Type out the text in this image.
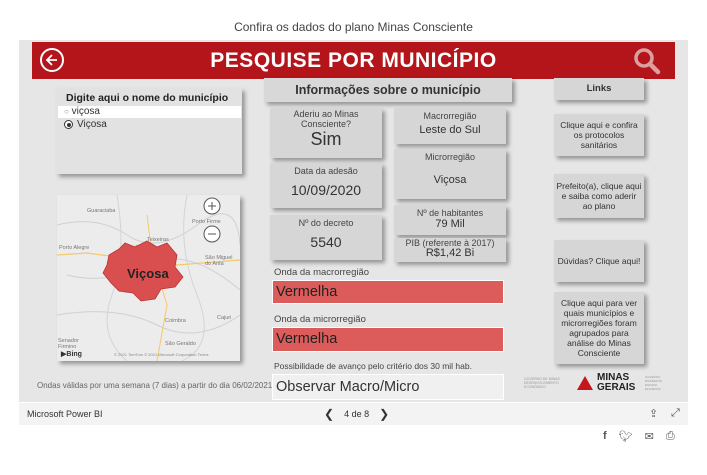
Confira os dados do plano Minas Consciente
PESQUISE POR MUNICÍPIO
Digite aqui o nome do município
○ viçosa
Viçosa
Viçosa
Guaraciaba
Porto Firme
Teixeiras
Porto Alegre
São Miguel do Anta
Coimbra
São Geraldo
Cajuri
Senador Firmino
▶Bing	© 2021 TomTom © 2021 Microsoft Corporation Terms
Informações sobre o município
Aderiu ao Minas Consciente?
Sim
Data da adesão
10/09/2020
Nº do decreto
5540
Macrorregião
Leste do Sul
Microrregião
Viçosa
Nº de habitantes
79 Mil
PIB (referente à 2017)
R$1,42 Bi
Onda da macrorregião
Vermelha
Onda da microrregião
Vermelha
Possibilidade de avanço pelo critério dos 30 mil hab.
Observar Macro/Micro
Links
Clique aqui e confira os protocolos sanitários
Prefeito(a), clique aqui e saiba como aderir ao plano
Dúvidas? Clique aqui!
Clique aqui para ver quais municípios e microrregiões foram agrupados para análise do Minas Consciente
Ondas válidas por uma semana (7 dias) a partir do dia 06/02/2021
GOVERNO DE MINAS
DESENVOLVIMENTO
ECONÔMICO
MINAS GERAIS
GOVERNO
DIFERENTE
ESTADO
EFICIENTE
Microsoft Power BI	❮ 4 de 8 ❯	⇪ ⤢
f 🐦︎ ✉ ⎙
